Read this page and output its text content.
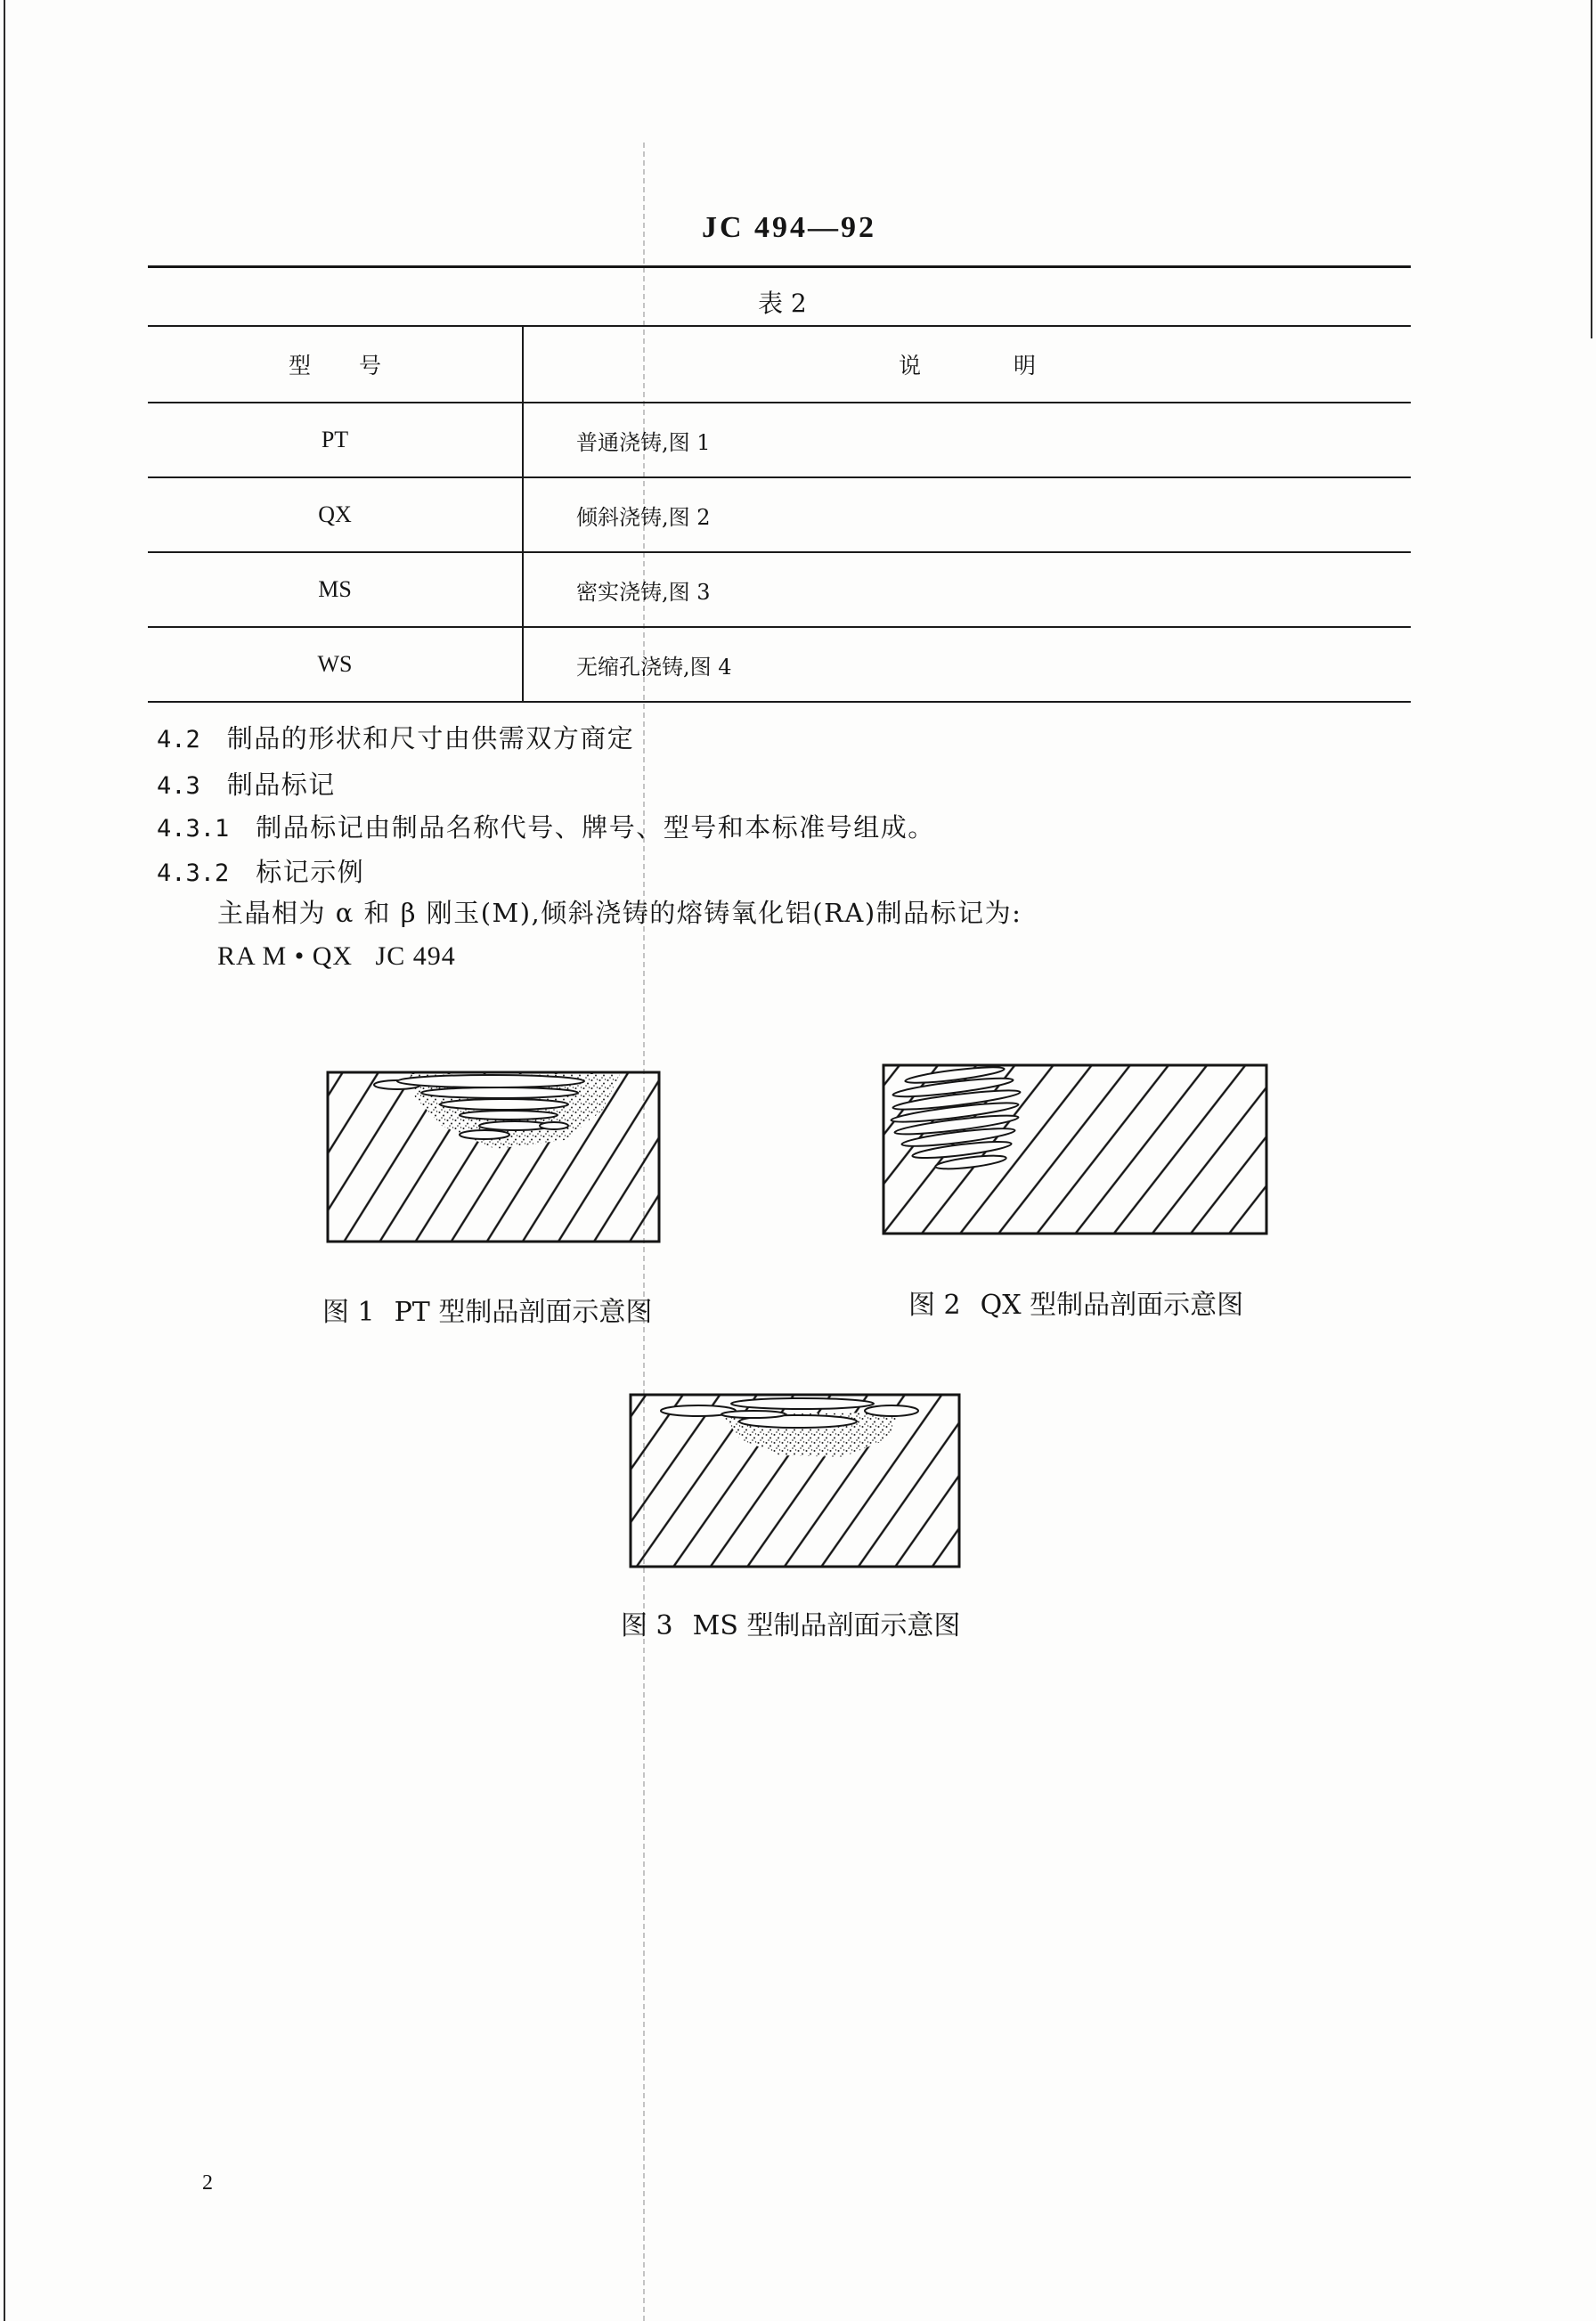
JC 494—92
表 2
型 号	说 明
PT	普通浇铸,图 1
QX	倾斜浇铸,图 2
MS	密实浇铸,图 3
WS	无缩孔浇铸,图 4
4.2 制品的形状和尺寸由供需双方商定
4.3 制品标记
4.3.1 制品标记由制品名称代号、牌号、型号和本标准号组成。
4.3.2 标记示例
主晶相为 α 和 β 刚玉(M),倾斜浇铸的熔铸氧化铝(RA)制品标记为:
RA M • QX   JC 494
图 1 PT 型制品剖面示意图	图 2 QX 型制品剖面示意图
图 3 MS 型制品剖面示意图
2
